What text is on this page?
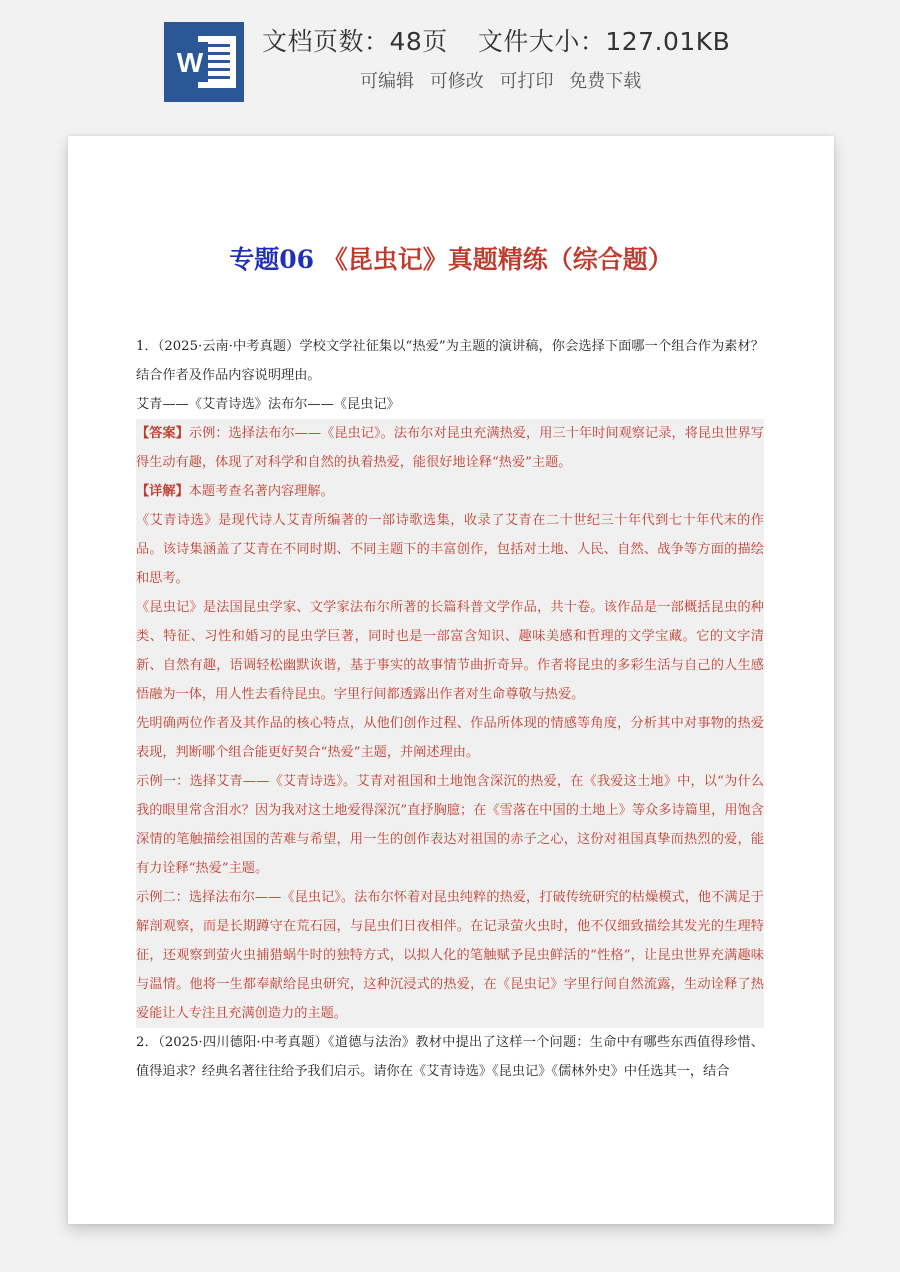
W
文档页数：48页 文件大小：127.01KB
可编辑 可修改 可打印 免费下载
专题06 《昆虫记》真题精练（综合题）

1．（2025·云南·中考真题）学校文学社征集以“热爱”为主题的演讲稿，你会选择下面哪一个组合作为素材？结合作者及作品内容说明理由。

艾青——《艾青诗选》法布尔——《昆虫记》

【答案】示例：选择法布尔——《昆虫记》。法布尔对昆虫充满热爱，用三十年时间观察记录，将昆虫世界写得生动有趣，体现了对科学和自然的执着热爱，能很好地诠释“热爱”主题。

【详解】本题考查名著内容理解。

《艾青诗选》是现代诗人艾青所编著的一部诗歌选集，收录了艾青在二十世纪三十年代到七十年代末的作品。该诗集涵盖了艾青在不同时期、不同主题下的丰富创作，包括对土地、人民、自然、战争等方面的描绘和思考。

《昆虫记》是法国昆虫学家、文学家法布尔所著的长篇科普文学作品，共十卷。该作品是一部概括昆虫的种类、特征、习性和婚习的昆虫学巨著，同时也是一部富含知识、趣味美感和哲理的文学宝藏。它的文字清新、自然有趣，语调轻松幽默诙谐，基于事实的故事情节曲折奇异。作者将昆虫的多彩生活与自己的人生感悟融为一体，用人性去看待昆虫。字里行间都透露出作者对生命尊敬与热爱。

先明确两位作者及其作品的核心特点，从他们创作过程、作品所体现的情感等角度，分析其中对事物的热爱表现，判断哪个组合能更好契合“热爱”主题，并阐述理由。

示例一：选择艾青——《艾青诗选》。艾青对祖国和土地饱含深沉的热爱，在《我爱这土地》中，以“为什么我的眼里常含泪水？因为我对这土地爱得深沉”直抒胸臆；在《雪落在中国的土地上》等众多诗篇里，用饱含深情的笔触描绘祖国的苦难与希望，用一生的创作表达对祖国的赤子之心，这份对祖国真挚而热烈的爱，能有力诠释“热爱”主题。

示例二：选择法布尔——《昆虫记》。法布尔怀着对昆虫纯粹的热爱，打破传统研究的枯燥模式，他不满足于解剖观察，而是长期蹲守在荒石园，与昆虫们日夜相伴。在记录萤火虫时，他不仅细致描绘其发光的生理特征，还观察到萤火虫捕猎蜗牛时的独特方式，以拟人化的笔触赋予昆虫鲜活的“性格”，让昆虫世界充满趣味与温情。他将一生都奉献给昆虫研究，这种沉浸式的热爱，在《昆虫记》字里行间自然流露，生动诠释了热爱能让人专注且充满创造力的主题。

2．（2025·四川德阳·中考真题）《道德与法治》教材中提出了这样一个问题：生命中有哪些东西值得珍惜、值得追求？经典名著往往给予我们启示。请你在《艾青诗选》《昆虫记》《儒林外史》中任选其一，结合
